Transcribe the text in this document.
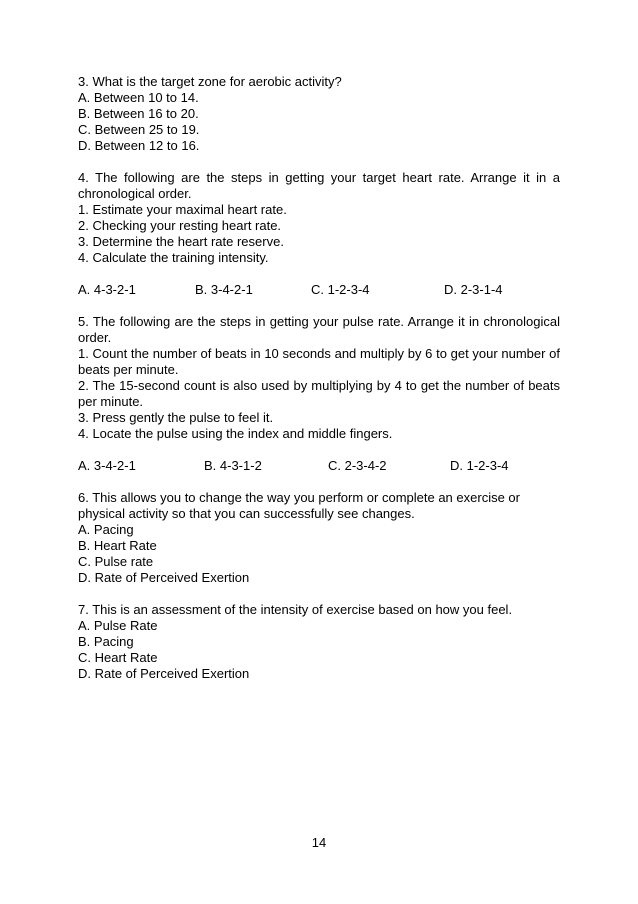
3. What is the target zone for aerobic activity?

A. Between 10 to 14.

B. Between 16 to 20.

C. Between 25 to 19.

D. Between 12 to 16.

4. The following are the steps in getting your target heart rate. Arrange it in a chronological order.

1. Estimate your maximal heart rate.

2. Checking your resting heart rate.

3. Determine the heart rate reserve.

4. Calculate the training intensity.

A. 4-3-2-1	B. 3-4-2-1	C. 1-2-3-4	D. 2-3-1-4

5. The following are the steps in getting your pulse rate. Arrange it in chronological order.

1. Count the number of beats in 10 seconds and multiply by 6 to get your number of beats per minute.

2. The 15-second count is also used by multiplying by 4 to get the number of beats per minute.

3. Press gently the pulse to feel it.

4. Locate the pulse using the index and middle fingers.

A. 3-4-2-1	B. 4-3-1-2	C. 2-3-4-2	D. 1-2-3-4

6. This allows you to change the way you perform or complete an exercise or

physical activity so that you can successfully see changes.

A. Pacing

B. Heart Rate

C. Pulse rate

D. Rate of Perceived Exertion

7. This is an assessment of the intensity of exercise based on how you feel.

A. Pulse Rate

B. Pacing

C. Heart Rate

D. Rate of Perceived Exertion

14
